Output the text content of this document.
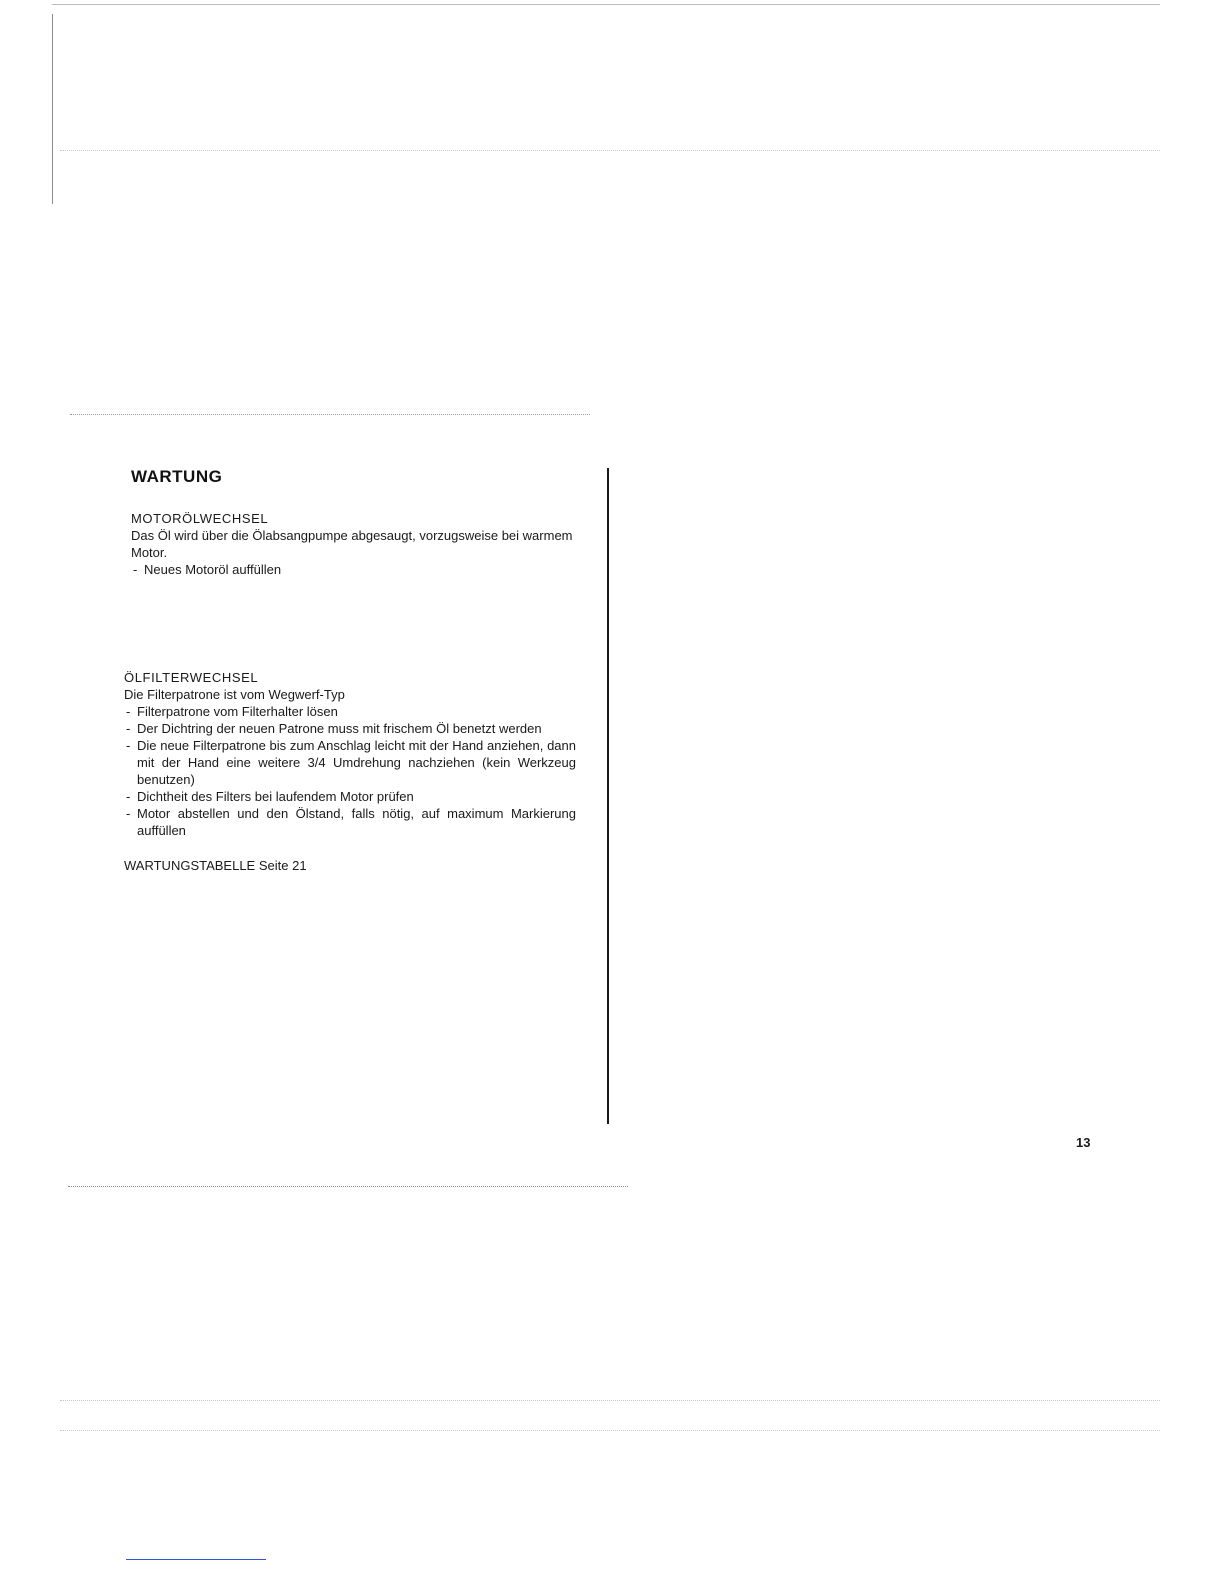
WARTUNG
MOTORÖLWECHSEL

Das Öl wird über die Ölabsangpumpe abgesaugt, vorzugsweise bei warmem Motor.

- Neues Motoröl auffüllen
ÖLFILTERWECHSEL

Die Filterpatrone ist vom Wegwerf-Typ

- Filterpatrone vom Filterhalter lösen
- Der Dichtring der neuen Patrone muss mit frischem Öl benetzt werden
- Die neue Filterpatrone bis zum Anschlag leicht mit der Hand anziehen, dann mit der Hand eine weitere 3/4 Umdrehung nachziehen (kein Werkzeug benutzen)
- Dichtheit des Filters bei laufendem Motor prüfen
- Motor abstellen und den Ölstand, falls nötig, auf maximum Markierung auffüllen

WARTUNGSTABELLE Seite 21

13
